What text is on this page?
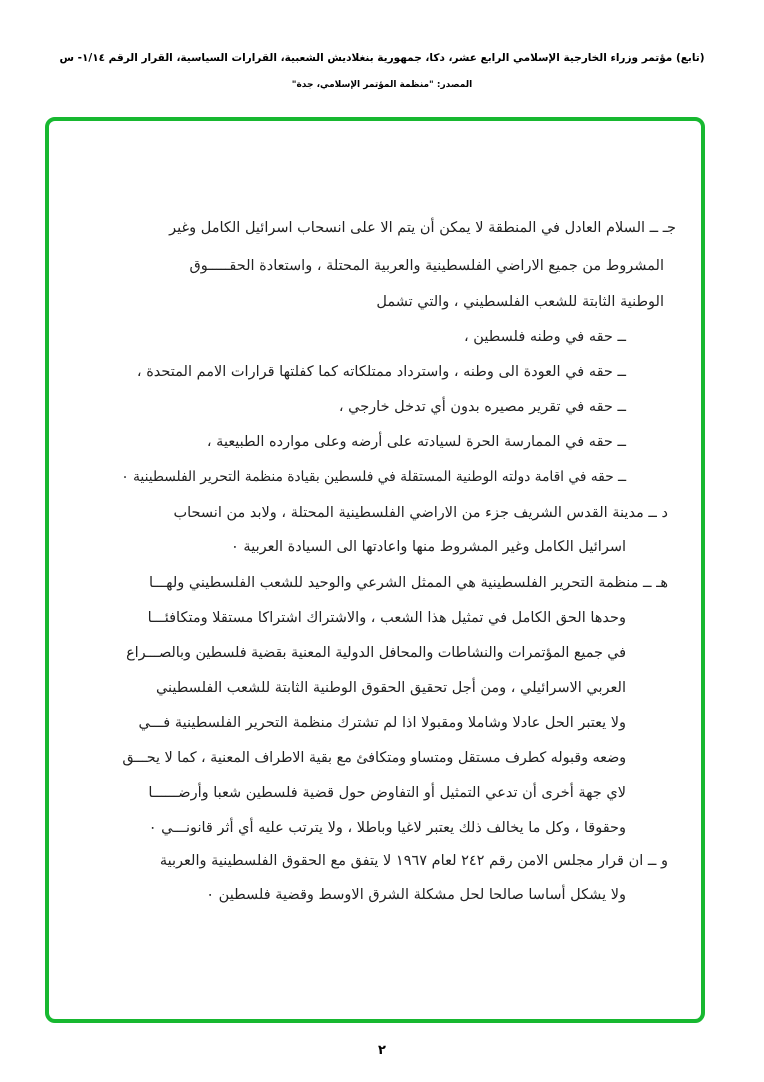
(تابع) مؤتمر وزراء الخارجية الإسلامي الرابع عشر، دكا، جمهورية بنغلاديش الشعبية، القرارات السياسية، القرار الرقم ١/١٤- س
المصدر: "منظمة المؤتمر الإسلامي، جدة"
جـ ــ السلام العادل في المنطقة لا يمكن أن يتم الا على انسحاب اسرائيل الكامل وغير
المشروط من جميع الاراضي الفلسطينية والعربية المحتلة ، واستعادة الحقـــــوق
الوطنية الثابتة للشعب الفلسطيني ، والتي تشمل
ــ حقه في وطنه فلسطين ،
ــ حقه في العودة الى وطنه ، واسترداد ممتلكاته كما كفلتها قرارات الامم المتحدة ،
ــ حقه في تقرير مصيره بدون أي تدخل خارجي ،
ــ حقه في الممارسة الحرة لسيادته على أرضه وعلى موارده الطبيعية ،
ــ حقه في اقامة دولته الوطنية المستقلة في فلسطين بقيادة منظمة التحرير الفلسطينية ٠
د ــ مدينة القدس الشريف جزء من الاراضي الفلسطينية المحتلة ، ولابد من انسحاب
اسرائيل الكامل وغير المشروط منها واعادتها الى السيادة العربية ٠
هـ ــ منظمة التحرير الفلسطينية هي الممثل الشرعي والوحيد للشعب الفلسطيني ولهـــا
وحدها الحق الكامل في تمثيل هذا الشعب ، والاشتراك اشتراكا مستقلا ومتكافئـــا
في جميع المؤتمرات والنشاطات والمحافل الدولية المعنية بقضية فلسطين وبالصـــراع
العربي الاسرائيلي ، ومن أجل تحقيق الحقوق الوطنية الثابتة للشعب الفلسطيني
ولا يعتبر الحل عادلا وشاملا ومقبولا اذا لم تشترك منظمة التحرير الفلسطينية فـــي
وضعه وقبوله كطرف مستقل ومتساو ومتكافئ مع بقية الاطراف المعنية ، كما لا يحـــق
لاي جهة أخرى أن تدعي التمثيل أو التفاوض حول قضية فلسطين شعبا وأرضــــــا
وحقوقا ، وكل ما يخالف ذلك يعتبر لاغيا وباطلا ، ولا يترتب عليه أي أثر قانونـــي ٠
و ــ ان قرار مجلس الامن رقم ٢٤٢ لعام ١٩٦٧ لا يتفق مع الحقوق الفلسطينية والعربية
ولا يشكل أساسا صالحا لحل مشكلة الشرق الاوسط وقضية فلسطين ٠
٢
